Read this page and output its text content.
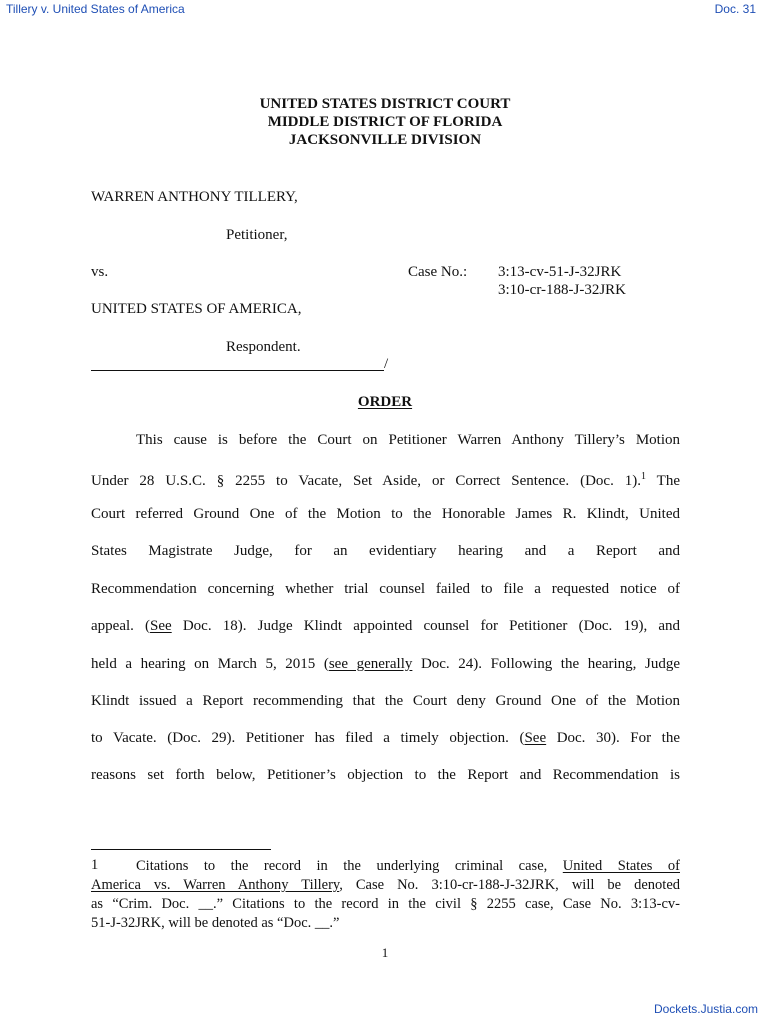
Tillery v. United States of America	Doc. 31
UNITED STATES DISTRICT COURT
MIDDLE DISTRICT OF FLORIDA
JACKSONVILLE DIVISION
WARREN ANTHONY TILLERY,
Petitioner,
vs.	Case No.: 3:13-cv-51-J-32JRK
3:10-cr-188-J-32JRK
UNITED STATES OF AMERICA,
Respondent.
/
ORDER
This cause is before the Court on Petitioner Warren Anthony Tillery’s Motion
Under 28 U.S.C. § 2255 to Vacate, Set Aside, or Correct Sentence. (Doc. 1).$^1$ The
Court referred Ground One of the Motion to the Honorable James R. Klindt, United
States Magistrate Judge, for an evidentiary hearing and a Report and
Recommendation concerning whether trial counsel failed to file a requested notice of
appeal. (See Doc. 18). Judge Klindt appointed counsel for Petitioner (Doc. 19), and
held a hearing on March 5, 2015 (see generally Doc. 24). Following the hearing, Judge
Klindt issued a Report recommending that the Court deny Ground One of the Motion
to Vacate. (Doc. 29). Petitioner has filed a timely objection. (See Doc. 30). For the
reasons set forth below, Petitioner’s objection to the Report and Recommendation is
1	Citations to the record in the underlying criminal case, United States of
America vs. Warren Anthony Tillery, Case No. 3:10-cr-188-J-32JRK, will be denoted
as “Crim. Doc. __.” Citations to the record in the civil § 2255 case, Case No. 3:13-cv-
51-J-32JRK, will be denoted as “Doc. __.”
1
Dockets.Justia.com
